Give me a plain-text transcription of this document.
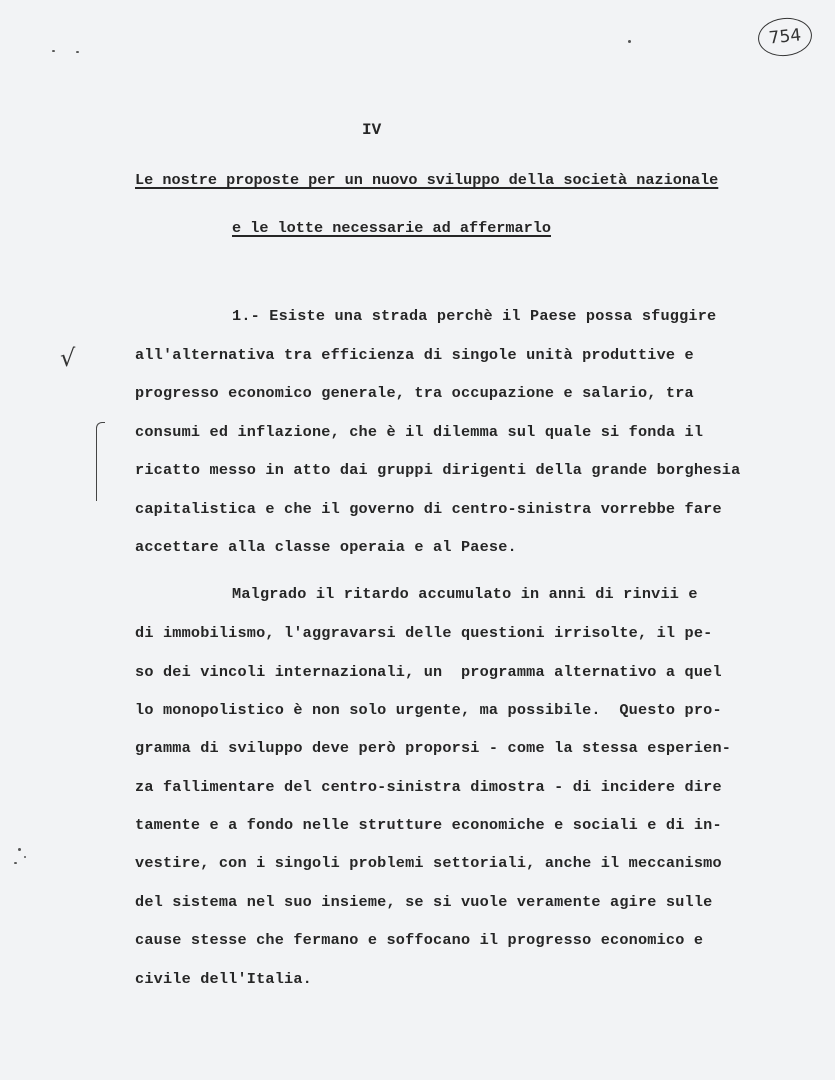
754
√
IV
Le nostre proposte per un nuovo sviluppo della società nazionale
e le lotte necessarie ad affermarlo
1.- Esiste una strada perchè il Paese possa sfuggire
all'alternativa tra efficienza di singole unità produttive e
progresso economico generale, tra occupazione e salario, tra
consumi ed inflazione, che è il dilemma sul quale si fonda il
ricatto messo in atto dai gruppi dirigenti della grande borghesia
capitalistica e che il governo di centro-sinistra vorrebbe fare
accettare alla classe operaia e al Paese.
Malgrado il ritardo accumulato in anni di rinvii e
di immobilismo, l'aggravarsi delle questioni irrisolte, il pe-
so dei vincoli internazionali, un  programma alternativo a quel
lo monopolistico è non solo urgente, ma possibile.  Questo pro-
gramma di sviluppo deve però proporsi - come la stessa esperien-
za fallimentare del centro-sinistra dimostra - di incidere dire
tamente e a fondo nelle strutture economiche e sociali e di in-
vestire, con i singoli problemi settoriali, anche il meccanismo
del sistema nel suo insieme, se si vuole veramente agire sulle
cause stesse che fermano e soffocano il progresso economico e
civile dell'Italia.
